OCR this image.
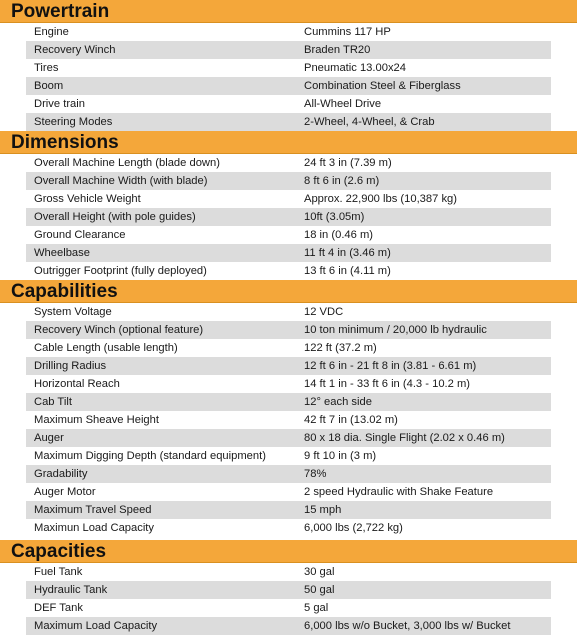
Powertrain
Engine	Cummins 117 HP
Recovery Winch	Braden TR20
Tires	Pneumatic 13.00x24
Boom	Combination Steel & Fiberglass
Drive train	All-Wheel Drive
Steering Modes	2-Wheel, 4-Wheel, & Crab
Dimensions
Overall Machine Length (blade down)	24 ft 3 in (7.39 m)
Overall Machine Width (with blade)	8 ft 6 in (2.6 m)
Gross Vehicle Weight	Approx. 22,900 lbs (10,387 kg)
Overall Height (with pole guides)	10ft (3.05m)
Ground Clearance	18 in (0.46 m)
Wheelbase	11 ft 4 in (3.46 m)
Outrigger Footprint (fully deployed)	13 ft 6 in (4.11 m)
Capabilities
System Voltage	12 VDC
Recovery Winch (optional feature)	10 ton minimum / 20,000 lb hydraulic
Cable Length (usable length)	122 ft (37.2 m)
Drilling Radius	12 ft 6 in - 21 ft 8 in (3.81 - 6.61 m)
Horizontal Reach	14 ft 1 in - 33 ft 6 in (4.3 - 10.2 m)
Cab Tilt	12° each side
Maximum Sheave Height	42 ft 7 in (13.02 m)
Auger	80 x 18 dia. Single Flight (2.02 x 0.46 m)
Maximum Digging Depth (standard equipment)	9 ft 10 in (3 m)
Gradability	78%
Auger Motor	2 speed Hydraulic with Shake Feature
Maximum Travel Speed	15 mph
Maximun Load Capacity	6,000 lbs (2,722 kg)
Capacities
Fuel Tank	30 gal
Hydraulic Tank	50 gal
DEF Tank	5 gal
Maximum Load Capacity	6,000 lbs w/o Bucket, 3,000 lbs w/ Bucket
